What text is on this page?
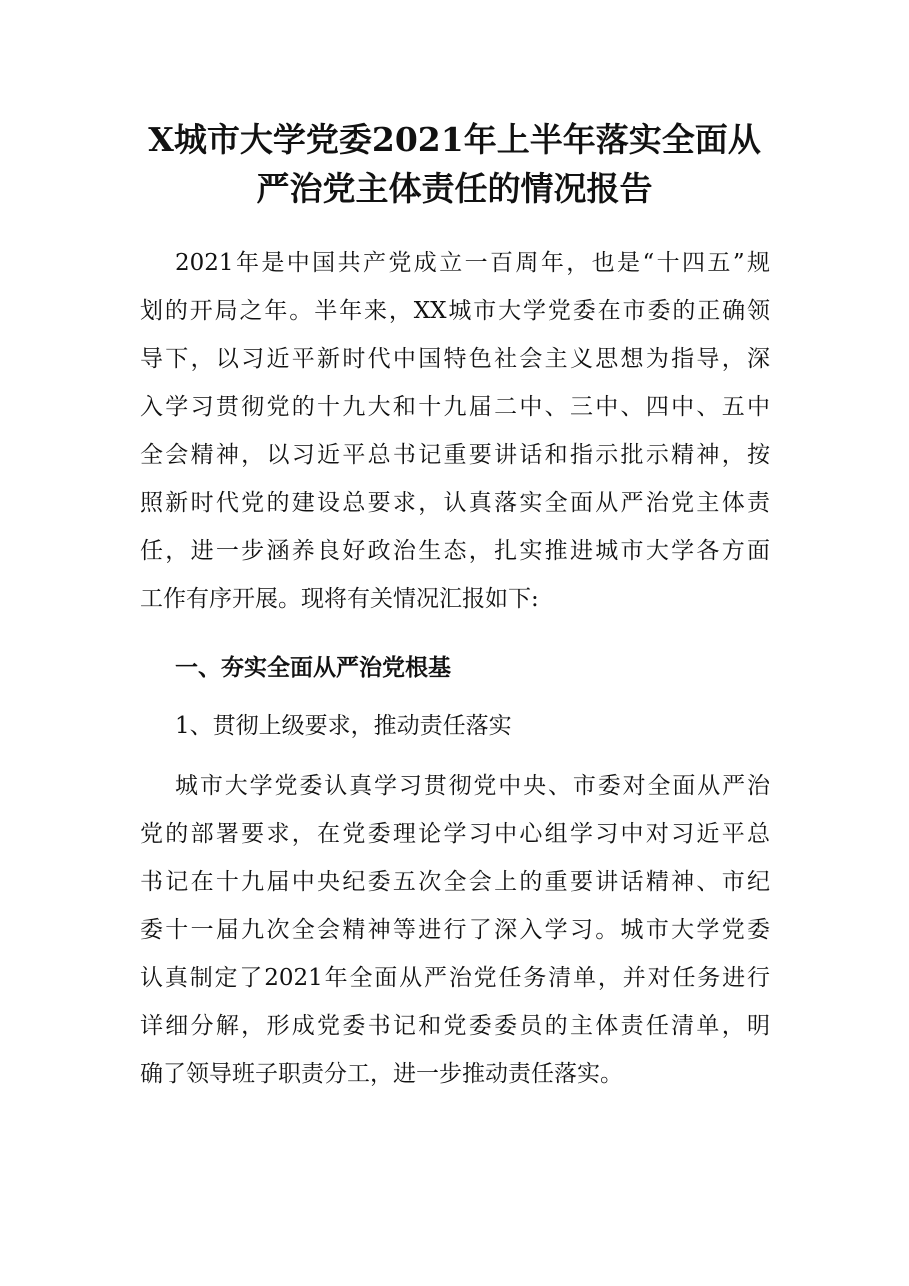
X城市大学党委2021年上半年落实全面从
严治党主体责任的情况报告

2021年是中国共产党成立一百周年，也是“十四五”规

划的开局之年。半年来，XX城市大学党委在市委的正确领

导下，以习近平新时代中国特色社会主义思想为指导，深

入学习贯彻党的十九大和十九届二中、三中、四中、五中

全会精神，以习近平总书记重要讲话和指示批示精神，按

照新时代党的建设总要求，认真落实全面从严治党主体责

任，进一步涵养良好政治生态，扎实推进城市大学各方面

工作有序开展。现将有关情况汇报如下:

一、夯实全面从严治党根基
1、贯彻上级要求，推动责任落实

城市大学党委认真学习贯彻党中央、市委对全面从严治

党的部署要求，在党委理论学习中心组学习中对习近平总

书记在十九届中央纪委五次全会上的重要讲话精神、市纪

委十一届九次全会精神等进行了深入学习。城市大学党委

认真制定了2021年全面从严治党任务清单，并对任务进行

详细分解，形成党委书记和党委委员的主体责任清单，明

确了领导班子职责分工，进一步推动责任落实。
